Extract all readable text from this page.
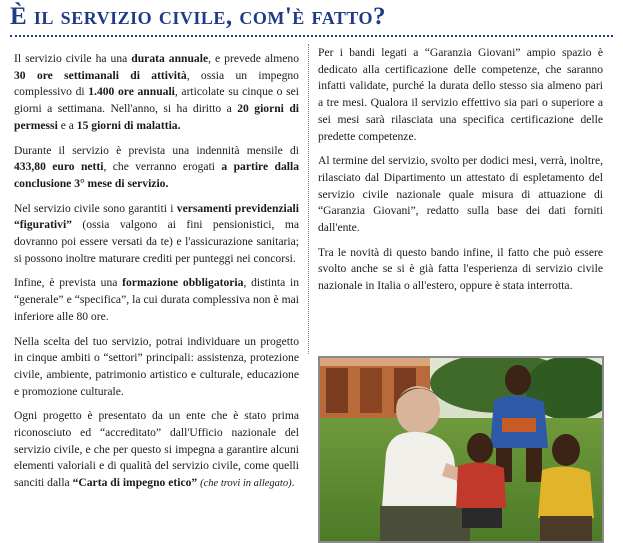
È il servizio civile, com'è fatto?

Il servizio civile ha una durata annuale, e prevede almeno 30 ore settimanali di attività, ossia un impegno complessivo di 1.400 ore annuali, articolate su cinque o sei giorni a settimana. Nell'anno, si ha diritto a 20 giorni di permessi e a 15 giorni di malattia.

Durante il servizio è prevista una indennità mensile di 433,80 euro netti, che verranno erogati a partire dalla conclusione 3° mese di servizio.

Nel servizio civile sono garantiti i versamenti previdenziali “figurativi” (ossia valgono ai fini pensionistici, ma dovranno poi essere versati da te) e l'assicurazione sanitaria; si possono inoltre maturare crediti per punteggi nei concorsi.

Infine, è prevista una formazione obbligatoria, distinta in “generale” e “specifica”, la cui durata complessiva non è mai inferiore alle 80 ore.

Nella scelta del tuo servizio, potrai individuare un progetto in cinque ambiti o “settori” principali: assistenza, protezione civile, ambiente, patrimonio artistico e culturale, educazione e promozione culturale.

Ogni progetto è presentato da un ente che è stato prima riconosciuto ed “accreditato” dall'Ufficio nazionale del servizio civile, e che per questo si impegna a garantire alcuni elementi valoriali e di qualità del servizio civile, come quelli sanciti dalla “Carta di impegno etico” (che trovi in allegato).

Per i bandi legati a “Garanzia Giovani” ampio spazio è dedicato alla certificazione delle competenze, che saranno infatti validate, purché la durata dello stesso sia almeno pari a tre mesi. Qualora il servizio effettivo sia pari o superiore a sei mesi sarà rilasciata una specifica certificazione delle predette competenze.

Al termine del servizio, svolto per dodici mesi, verrà, inoltre, rilasciato dal Dipartimento un attestato di espletamento del servizio civile nazionale quale misura di attuazione di “Garanzia Giovani”, redatto sulla base dei dati forniti dall'ente.

Tra le novità di questo bando infine, il fatto che può essere svolto anche se si è già fatta l'esperienza di servizio civile nazionale in Italia o all'estero, oppure è stata interrotta.
